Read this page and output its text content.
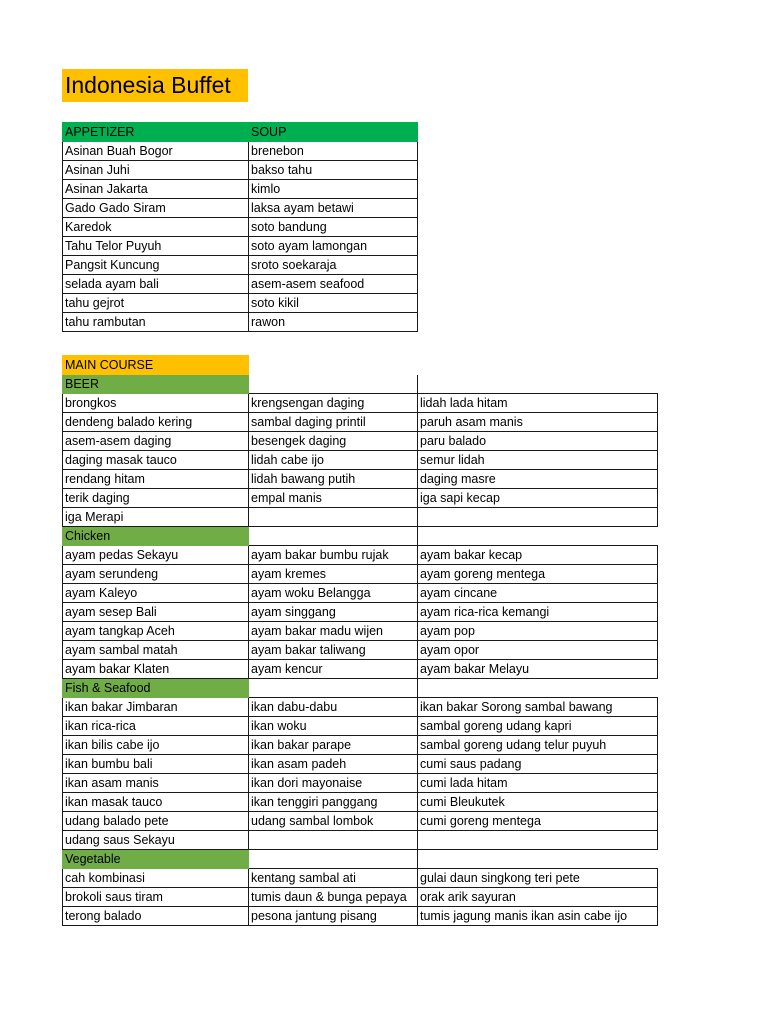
Indonesia Buffet
APPETIZER	SOUP
Asinan Buah Bogor	brenebon
Asinan Juhi	bakso tahu
Asinan Jakarta	kimlo
Gado Gado Siram	laksa ayam betawi
Karedok	soto bandung
Tahu Telor Puyuh	soto ayam lamongan
Pangsit Kuncung	sroto soekaraja
selada ayam bali	asem-asem seafood
tahu gejrot	soto kikil
tahu rambutan	rawon
MAIN COURSE		
BEER		
brongkos	krengsengan daging	lidah lada hitam
dendeng balado kering	sambal daging printil	paruh asam manis
asem-asem daging	besengek daging	paru balado
daging masak tauco	lidah cabe ijo	semur lidah
rendang hitam	lidah bawang putih	daging masre
terik daging	empal manis	iga sapi kecap
iga Merapi		
Chicken		
ayam pedas Sekayu	ayam bakar bumbu rujak	ayam bakar kecap
ayam serundeng	ayam kremes	ayam goreng mentega
ayam Kaleyo	ayam woku Belangga	ayam cincane
ayam sesep Bali	ayam singgang	ayam rica-rica kemangi
ayam tangkap Aceh	ayam bakar madu wijen	ayam pop
ayam sambal matah	ayam bakar taliwang	ayam opor
ayam bakar Klaten	ayam kencur	ayam bakar Melayu
Fish & Seafood		
ikan bakar Jimbaran	ikan dabu-dabu	ikan bakar Sorong sambal bawang
ikan rica-rica	ikan woku	sambal goreng udang kapri
ikan bilis cabe ijo	ikan bakar parape	sambal goreng udang telur puyuh
ikan bumbu bali	ikan asam padeh	cumi saus padang
ikan asam manis	ikan dori mayonaise	cumi lada hitam
ikan masak tauco	ikan tenggiri panggang	cumi Bleukutek
udang balado pete	udang sambal lombok	cumi goreng mentega
udang saus Sekayu		
Vegetable		
cah kombinasi	kentang sambal ati	gulai daun singkong teri pete
brokoli saus tiram	tumis daun & bunga pepaya	orak arik sayuran
terong balado	pesona jantung pisang	tumis jagung manis ikan asin cabe ijo
